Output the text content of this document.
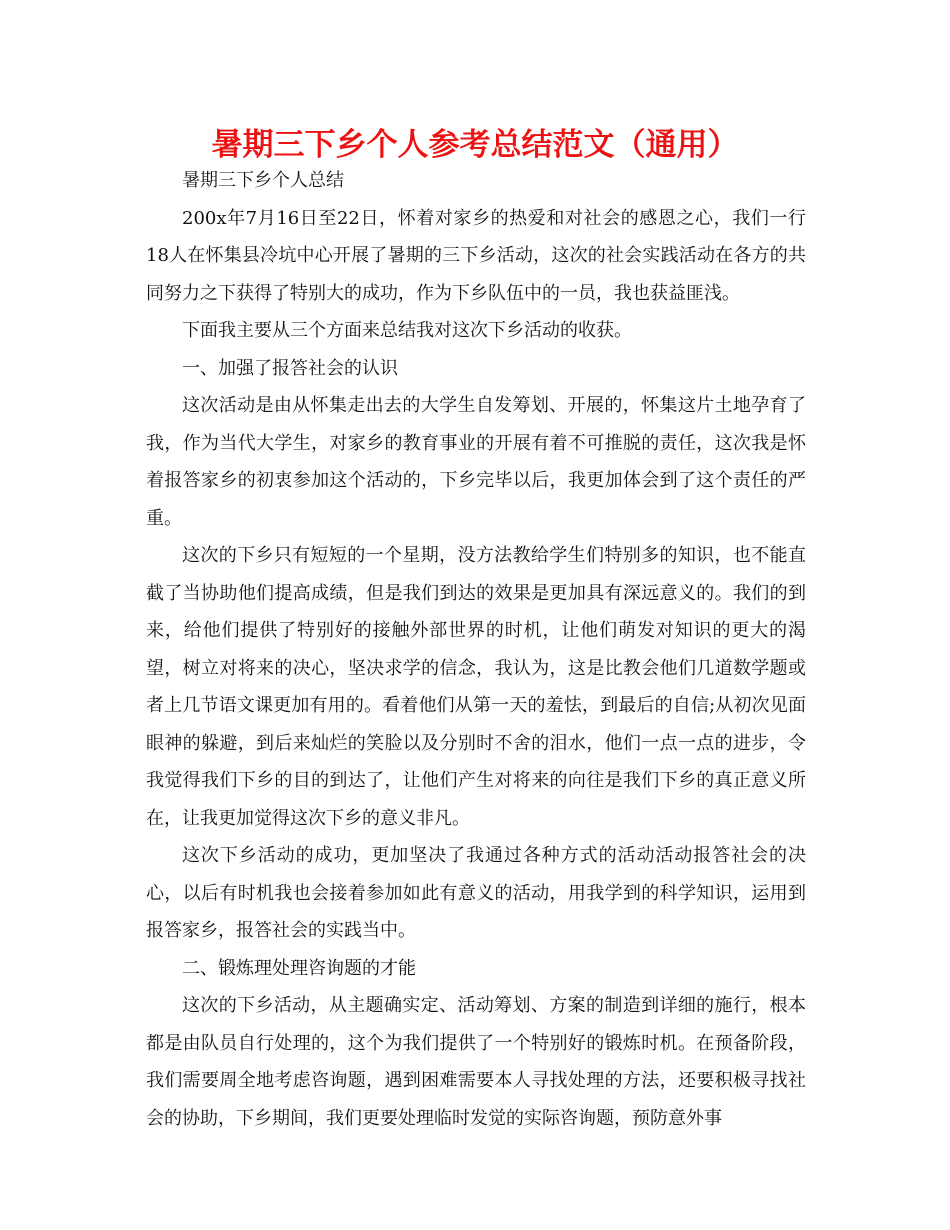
暑期三下乡个人参考总结范文（通用）

暑期三下乡个人总结

200x年7月16日至22日，怀着对家乡的热爱和对社会的感恩之心，我们一行18人在怀集县冷坑中心开展了暑期的三下乡活动，这次的社会实践活动在各方的共同努力之下获得了特别大的成功，作为下乡队伍中的一员，我也获益匪浅。

下面我主要从三个方面来总结我对这次下乡活动的收获。

一、加强了报答社会的认识

这次活动是由从怀集走出去的大学生自发筹划、开展的，怀集这片土地孕育了我，作为当代大学生，对家乡的教育事业的开展有着不可推脱的责任，这次我是怀着报答家乡的初衷参加这个活动的，下乡完毕以后，我更加体会到了这个责任的严重。

这次的下乡只有短短的一个星期，没方法教给学生们特别多的知识，也不能直截了当协助他们提高成绩，但是我们到达的效果是更加具有深远意义的。我们的到来，给他们提供了特别好的接触外部世界的时机，让他们萌发对知识的更大的渴望，树立对将来的决心，坚决求学的信念，我认为，这是比教会他们几道数学题或者上几节语文课更加有用的。看着他们从第一天的羞怯，到最后的自信;从初次见面眼神的躲避，到后来灿烂的笑脸以及分别时不舍的泪水，他们一点一点的进步，令我觉得我们下乡的目的到达了，让他们产生对将来的向往是我们下乡的真正意义所在，让我更加觉得这次下乡的意义非凡。

这次下乡活动的成功，更加坚决了我通过各种方式的活动活动报答社会的决心，以后有时机我也会接着参加如此有意义的活动，用我学到的科学知识，运用到报答家乡，报答社会的实践当中。

二、锻炼理处理咨询题的才能

这次的下乡活动，从主题确实定、活动筹划、方案的制造到详细的施行，根本都是由队员自行处理的，这个为我们提供了一个特别好的锻炼时机。在预备阶段，我们需要周全地考虑咨询题，遇到困难需要本人寻找处理的方法，还要积极寻找社会的协助，下乡期间，我们更要处理临时发觉的实际咨询题，预防意外事
